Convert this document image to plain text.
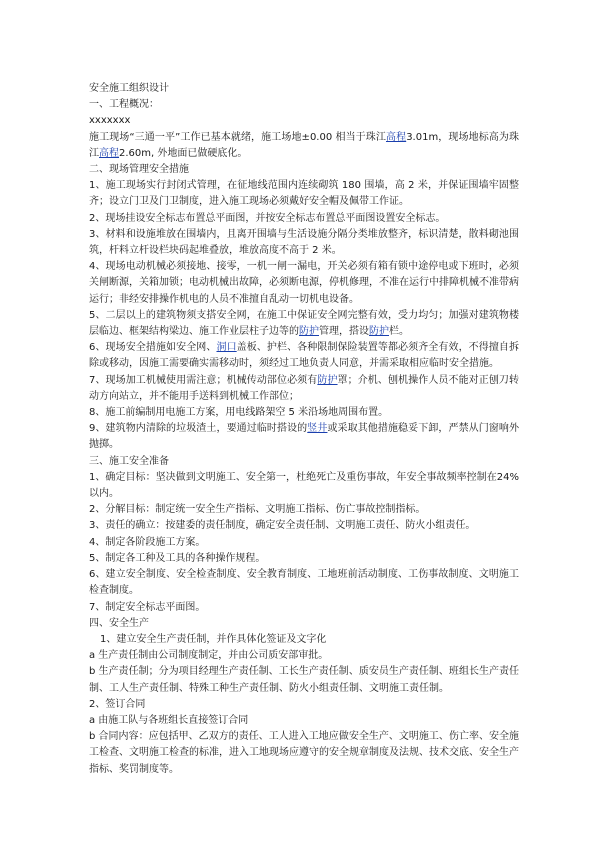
安全施工组织设计

一、工程概况：

xxxxxxx

施工现场“三通一平”工作已基本就绪，施工场地±0.00 相当于珠江高程3.01m，现场地标高为珠江高程2.60m, 外地面已做硬底化。

二、现场管理安全措施

1、施工现场实行封闭式管理，在征地线范围内连续砌筑 180 围墙，高 2 米，并保证围墙牢固整齐；设立门卫及门卫制度，进入施工现场必须戴好安全帽及佩带工作证。

2、现场挂设安全标志布置总平面图，并按安全标志布置总平面图设置安全标志。

3、材料和设施堆放在围墙内，且离开围墙与生活设施分隔分类堆放整齐，标识清楚，散料砌池围筑，杆料立杆设栏块码起堆叠放，堆放高度不高于 2 米。

4、现场电动机械必须接地、接零，一机一闸一漏电，开关必须有箱有锁中途停电或下班时，必须关闸断源，关箱加锁；电动机械出故障，必须断电源，停机修理，不准在运行中排障机械不准带病运行；非经安排操作机电的人员不准擅自乱动一切机电设备。

5、二层以上的建筑物须支搭安全网，在施工中保证安全网完整有效，受力均匀；加强对建筑物楼层临边、框架结构梁边、施工作业层柱子边等的防护管理，搭设防护栏。

6、现场安全措施如安全网、洞口盖板、护栏、各种限制保险装置等都必须齐全有效，不得擅自拆除或移动，因施工需要确实需移动时，须经过工地负责人同意，并需采取相应临时安全措施。

7、现场加工机械使用需注意；机械传动部位必须有防护罩；介机、刨机操作人员不能对正刨刀转动方向站立，并不能用手送料到机械工作部位；

8、施工前编制用电施工方案，用电线路架空 5 米沿场地周围布置。

9、建筑物内清除的垃圾渣土，要通过临时搭设的竖井或采取其他措施稳妥下卸，严禁从门窗响外抛掷。

三、施工安全准备

1、确定目标：坚决做到文明施工、安全第一，杜绝死亡及重伤事故，年安全事故频率控制在24%以内。

2、分解目标：制定统一安全生产指标、文明施工指标、伤亡事故控制指标。

3、责任的确立：按建委的责任制度，确定安全责任制、文明施工责任、防火小组责任。

4、制定各阶段施工方案。

5、制定各工种及工具的各种操作规程。

6、建立安全制度、安全检查制度、安全教育制度、工地班前活动制度、工伤事故制度、文明施工检查制度。

7、制定安全标志平面图。

四、安全生产

1、建立安全生产责任制，并作具体化签证及文字化

a 生产责任制由公司制度制定，并由公司质安部审批。

b 生产责任制；分为项目经理生产责任制、工长生产责任制、质安员生产责任制、班组长生产责任制、工人生产责任制、特殊工种生产责任制、防火小组责任制、文明施工责任制。

2、签订合同

a 由施工队与各班组长直接签订合同

b 合同内容：应包括甲、乙双方的责任、工人进入工地应做安全生产、文明施工、伤亡率、安全施工检查、文明施工检查的标准，进入工地现场应遵守的安全规章制度及法规、技术交底、安全生产指标、奖罚制度等。
